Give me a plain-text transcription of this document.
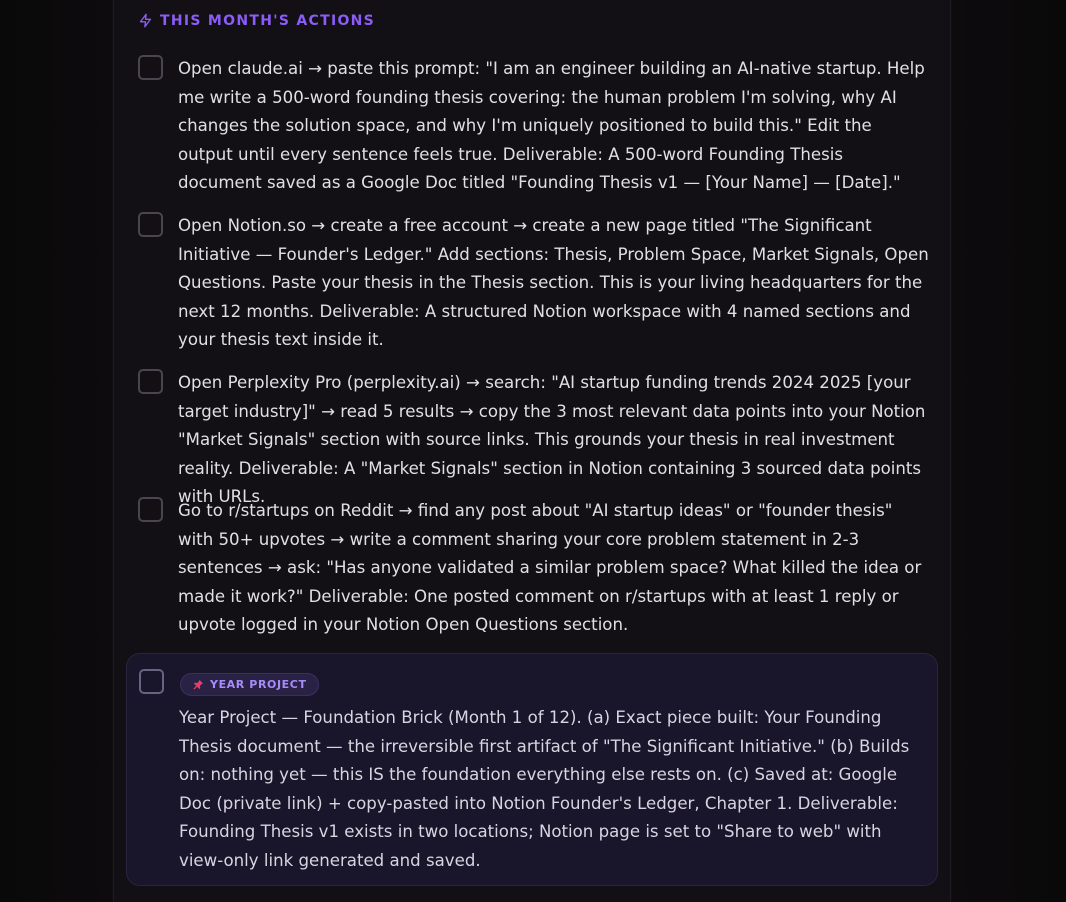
THIS MONTH'S ACTIONS
Open claude.ai → paste this prompt: "I am an engineer building an AI-native startup. Help me write a 500-word founding thesis covering: the human problem I'm solving, why AI changes the solution space, and why I'm uniquely positioned to build this." Edit the output until every sentence feels true. Deliverable: A 500-word Founding Thesis document saved as a Google Doc titled "Founding Thesis v1 — [Your Name] — [Date]."
Open Notion.so → create a free account → create a new page titled "The Significant Initiative — Founder's Ledger." Add sections: Thesis, Problem Space, Market Signals, Open Questions. Paste your thesis in the Thesis section. This is your living headquarters for the next 12 months. Deliverable: A structured Notion workspace with 4 named sections and your thesis text inside it.
Open Perplexity Pro (perplexity.ai) → search: "AI startup funding trends 2024 2025 [your target industry]" → read 5 results → copy the 3 most relevant data points into your Notion "Market Signals" section with source links. This grounds your thesis in real investment reality. Deliverable: A "Market Signals" section in Notion containing 3 sourced data points with URLs.
Go to r/startups on Reddit → find any post about "AI startup ideas" or "founder thesis" with 50+ upvotes → write a comment sharing your core problem statement in 2-3 sentences → ask: "Has anyone validated a similar problem space? What killed the idea or made it work?" Deliverable: One posted comment on r/startups with at least 1 reply or upvote logged in your Notion Open Questions section.
YEAR PROJECT
Year Project — Foundation Brick (Month 1 of 12). (a) Exact piece built: Your Founding Thesis document — the irreversible first artifact of "The Significant Initiative." (b) Builds on: nothing yet — this IS the foundation everything else rests on. (c) Saved at: Google Doc (private link) + copy-pasted into Notion Founder's Ledger, Chapter 1. Deliverable: Founding Thesis v1 exists in two locations; Notion page is set to "Share to web" with view-only link generated and saved.
